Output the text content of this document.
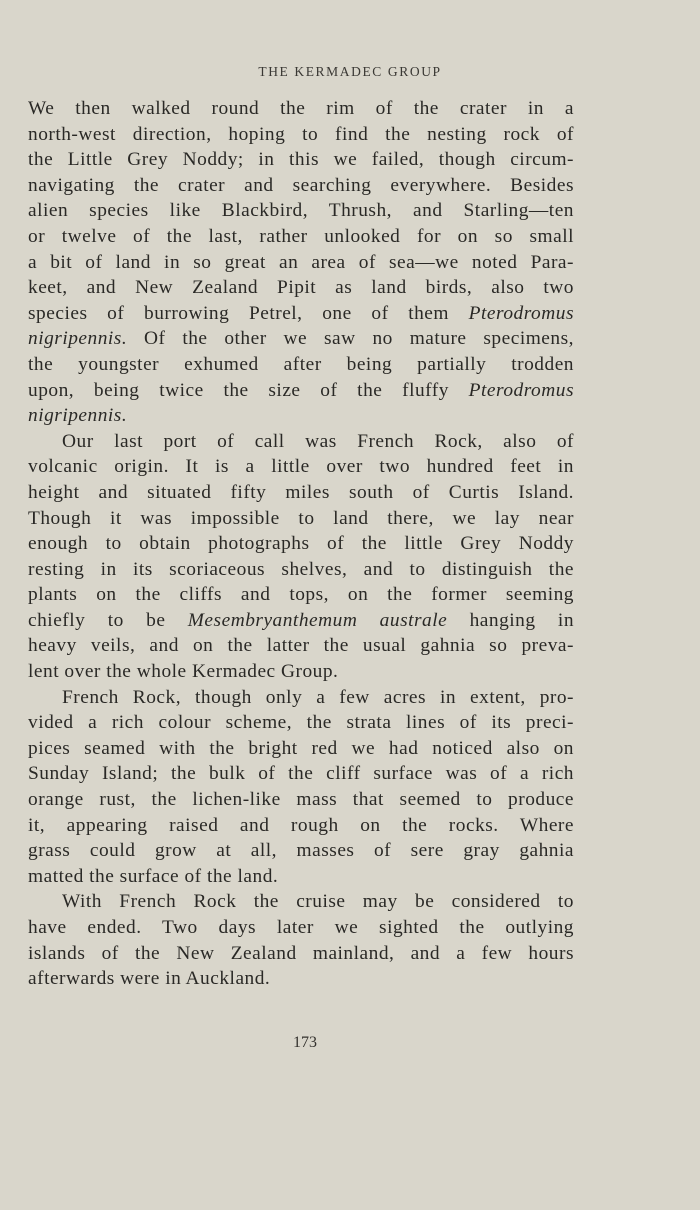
THE KERMADEC GROUP
We then walked round the rim of the crater in a
north-west direction, hoping to find the nesting rock of
the Little Grey Noddy; in this we failed, though circum-
navigating the crater and searching everywhere. Besides
alien species like Blackbird, Thrush, and Starling—ten
or twelve of the last, rather unlooked for on so small
a bit of land in so great an area of sea—we noted Para-
keet, and New Zealand Pipit as land birds, also two
species of burrowing Petrel, one of them Pterodromus
nigripennis. Of the other we saw no mature specimens,
the youngster exhumed after being partially trodden
upon, being twice the size of the fluffy Pterodromus
nigripennis.
Our last port of call was French Rock, also of
volcanic origin. It is a little over two hundred feet in
height and situated fifty miles south of Curtis Island.
Though it was impossible to land there, we lay near
enough to obtain photographs of the little Grey Noddy
resting in its scoriaceous shelves, and to distinguish the
plants on the cliffs and tops, on the former seeming
chiefly to be Mesembryanthemum australe hanging in
heavy veils, and on the latter the usual gahnia so preva-
lent over the whole Kermadec Group.
French Rock, though only a few acres in extent, pro-
vided a rich colour scheme, the strata lines of its preci-
pices seamed with the bright red we had noticed also on
Sunday Island; the bulk of the cliff surface was of a rich
orange rust, the lichen-like mass that seemed to produce
it, appearing raised and rough on the rocks. Where
grass could grow at all, masses of sere gray gahnia
matted the surface of the land.
With French Rock the cruise may be considered to
have ended. Two days later we sighted the outlying
islands of the New Zealand mainland, and a few hours
afterwards were in Auckland.
173
